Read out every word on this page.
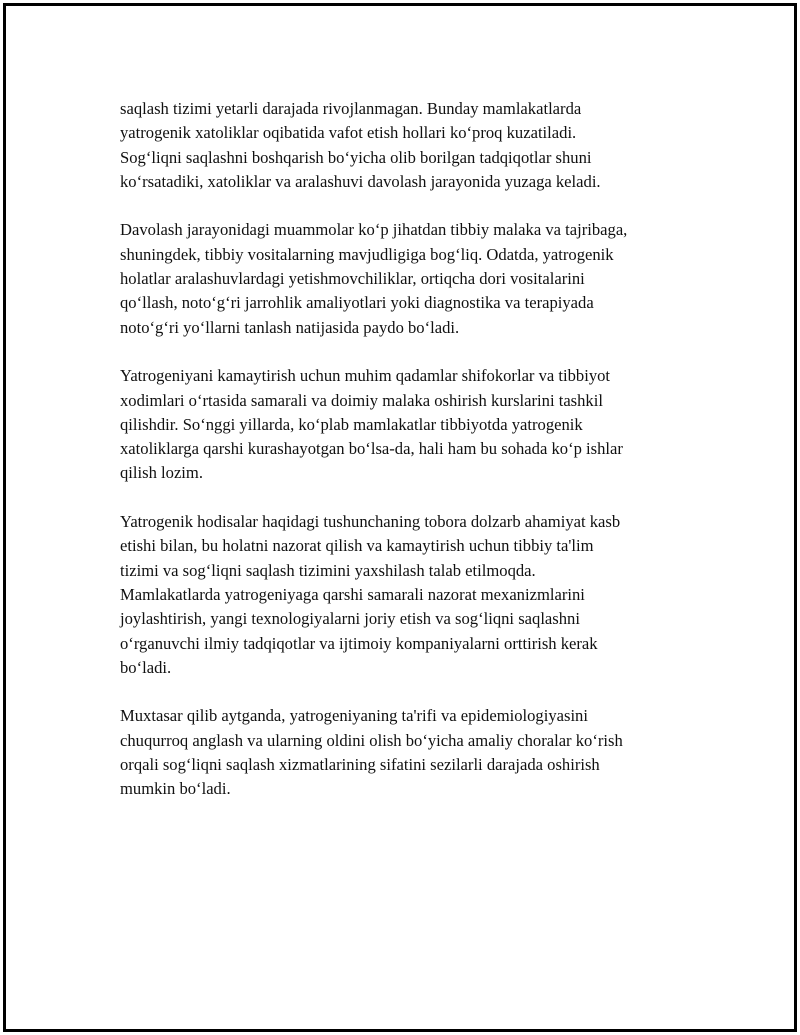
saqlash tizimi yetarli darajada rivojlanmagan. Bunday mamlakatlarda
yatrogenik xatoliklar oqibatida vafot etish hollari ko‘proq kuzatiladi.
Sog‘liqni saqlashni boshqarish bo‘yicha olib borilgan tadqiqotlar shuni
ko‘rsatadiki, xatoliklar va aralashuvi davolash jarayonida yuzaga keladi.

Davolash jarayonidagi muammolar ko‘p jihatdan tibbiy malaka va tajribaga,
shuningdek, tibbiy vositalarning mavjudligiga bog‘liq. Odatda, yatrogenik
holatlar aralashuvlardagi yetishmovchiliklar, ortiqcha dori vositalarini
qo‘llash, noto‘g‘ri jarrohlik amaliyotlari yoki diagnostika va terapiyada
noto‘g‘ri yo‘llarni tanlash natijasida paydo bo‘ladi.

Yatrogeniyani kamaytirish uchun muhim qadamlar shifokorlar va tibbiyot
xodimlari o‘rtasida samarali va doimiy malaka oshirish kurslarini tashkil
qilishdir. So‘nggi yillarda, ko‘plab mamlakatlar tibbiyotda yatrogenik
xatoliklarga qarshi kurashayotgan bo‘lsa-da, hali ham bu sohada ko‘p ishlar
qilish lozim.

Yatrogenik hodisalar haqidagi tushunchaning tobora dolzarb ahamiyat kasb
etishi bilan, bu holatni nazorat qilish va kamaytirish uchun tibbiy ta'lim
tizimi va sog‘liqni saqlash tizimini yaxshilash talab etilmoqda.
Mamlakatlarda yatrogeniyaga qarshi samarali nazorat mexanizmlarini
joylashtirish, yangi texnologiyalarni joriy etish va sog‘liqni saqlashni
o‘rganuvchi ilmiy tadqiqotlar va ijtimoiy kompaniyalarni orttirish kerak
bo‘ladi.

Muxtasar qilib aytganda, yatrogeniyaning ta'rifi va epidemiologiyasini
chuqurroq anglash va ularning oldini olish bo‘yicha amaliy choralar ko‘rish
orqali sog‘liqni saqlash xizmatlarining sifatini sezilarli darajada oshirish
mumkin bo‘ladi.
